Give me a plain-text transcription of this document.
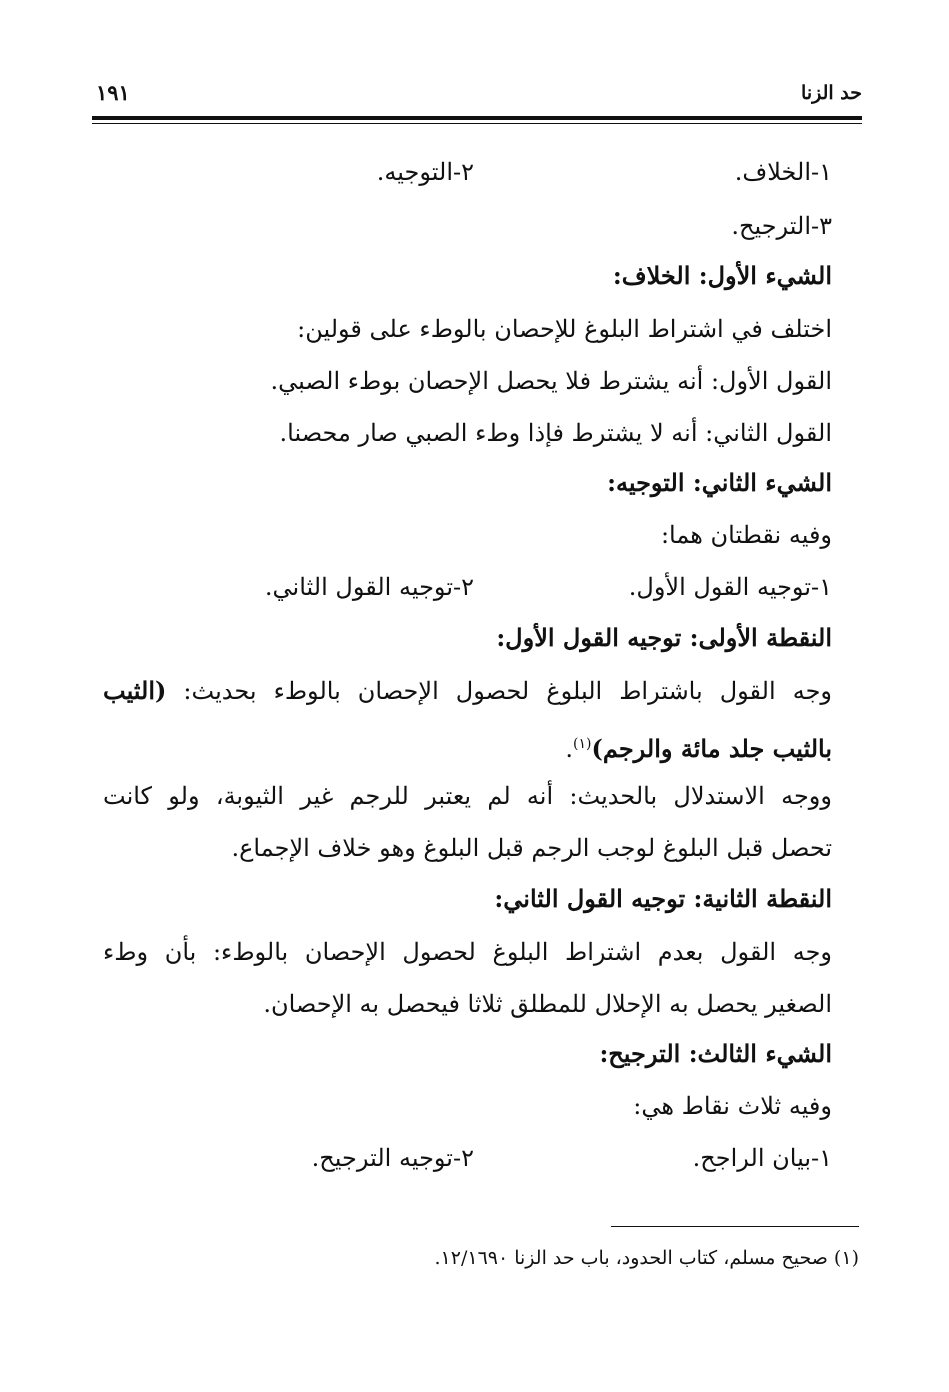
حد الزنا
١٩١
١-الخلاف.
٢-التوجيه.
٣-الترجيح.
الشيء الأول: الخلاف:
اختلف في اشتراط البلوغ للإحصان بالوطء على قولين:
القول الأول: أنه يشترط فلا يحصل الإحصان بوطء الصبي.
القول الثاني: أنه لا يشترط فإذا وطء الصبي صار محصنا.
الشيء الثاني: التوجيه:
وفيه نقطتان هما:
١-توجيه القول الأول.
٢-توجيه القول الثاني.
النقطة الأولى: توجيه القول الأول:
وجه القول باشتراط البلوغ لحصول الإحصان بالوطء بحديث: (الثيب
بالثيب جلد مائة والرجم)$^{(١)}$.
ووجه الاستدلال بالحديث: أنه لم يعتبر للرجم غير الثيوبة، ولو كانت
تحصل قبل البلوغ لوجب الرجم قبل البلوغ وهو خلاف الإجماع.
النقطة الثانية: توجيه القول الثاني:
وجه القول بعدم اشتراط البلوغ لحصول الإحصان بالوطء: بأن وطء
الصغير يحصل به الإحلال للمطلق ثلاثا فيحصل به الإحصان.
الشيء الثالث: الترجيح:
وفيه ثلاث نقاط هي:
١-بيان الراجح.
٢-توجيه الترجيح.
(١) صحيح مسلم، كتاب الحدود، باب حد الزنا ١٢/١٦٩٠.
